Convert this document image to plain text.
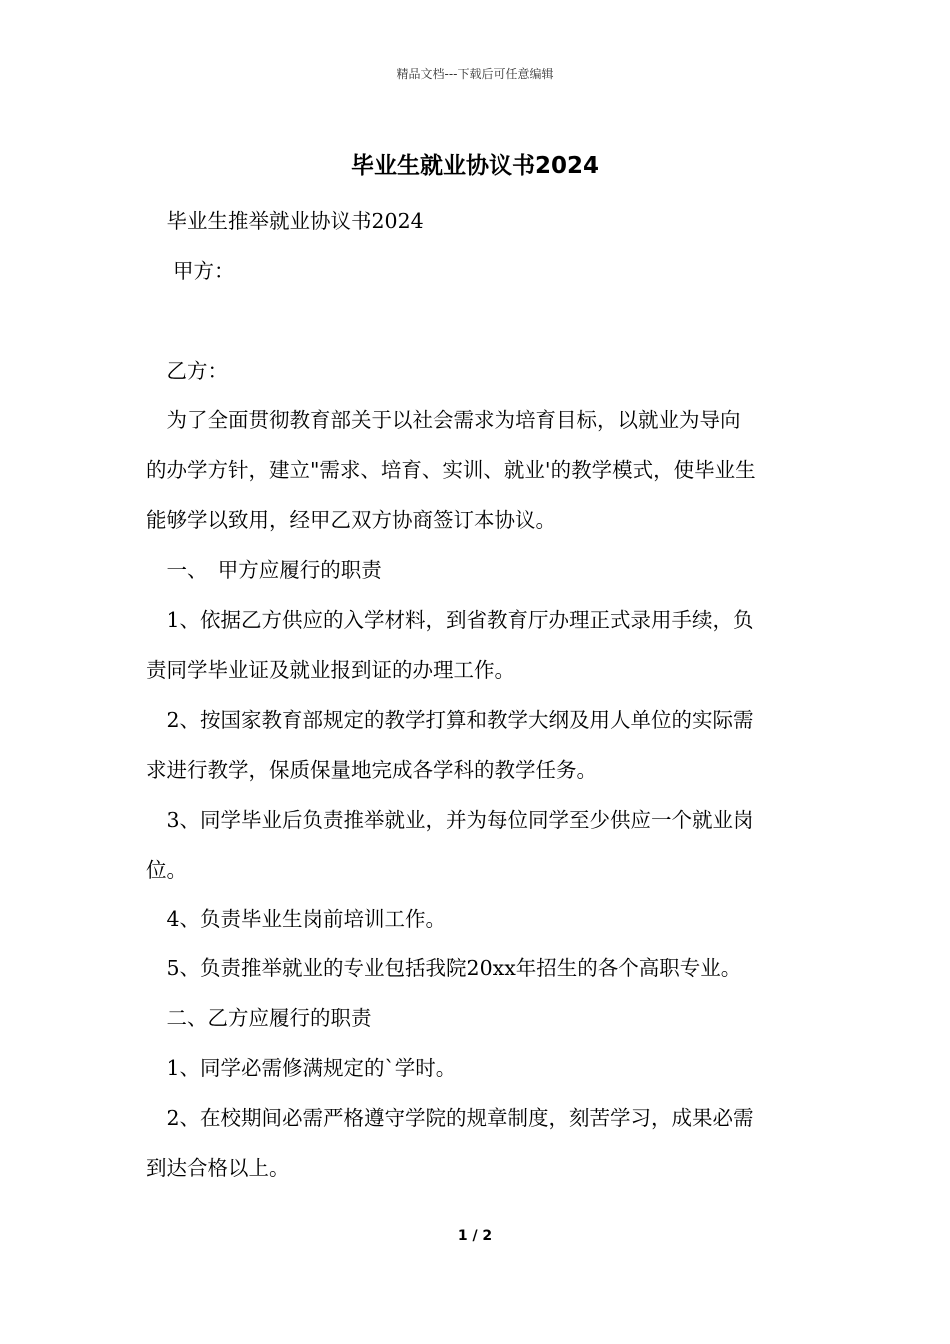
精品文档---下载后可任意编辑
毕业生就业协议书2024
　毕业生推举就业协议书2024
　 甲方：
　乙方：
　为了全面贯彻教育部关于以社会需求为培育目标，以就业为导向
的办学方针，建立"需求、培育、实训、就业'的教学模式，使毕业生
能够学以致用，经甲乙双方协商签订本协议。
　一、　甲方应履行的职责
　1、依据乙方供应的入学材料，到省教育厅办理正式录用手续，负
责同学毕业证及就业报到证的办理工作。
　2、按国家教育部规定的教学打算和教学大纲及用人单位的实际需
求进行教学，保质保量地完成各学科的教学任务。
　3、同学毕业后负责推举就业，并为每位同学至少供应一个就业岗
位。
　4、负责毕业生岗前培训工作。
　5、负责推举就业的专业包括我院20xx年招生的各个高职专业。
　二、乙方应履行的职责
　1、同学必需修满规定的`学时。
　2、在校期间必需严格遵守学院的规章制度，刻苦学习，成果必需
到达合格以上。
1 / 2
